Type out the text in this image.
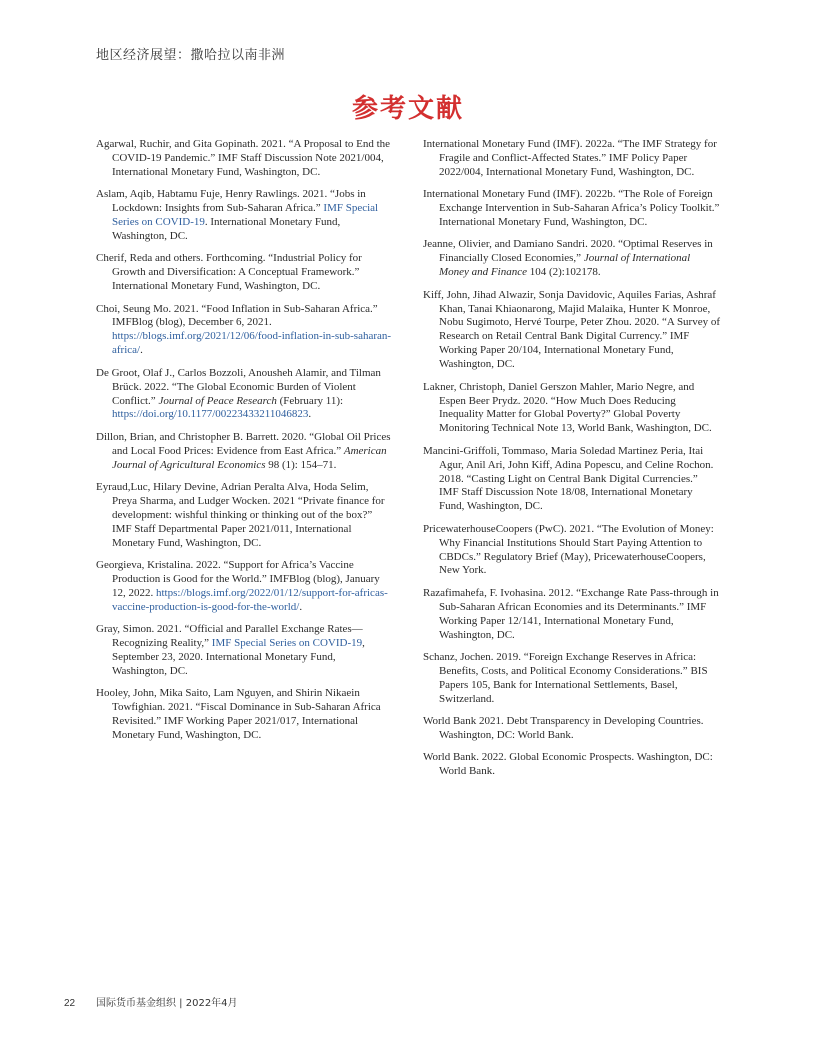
地区经济展望：撒哈拉以南非洲
参考文献

Agarwal, Ruchir, and Gita Gopinath. 2021. “A Proposal to End the COVID-19 Pandemic.” IMF Staff Discussion Note 2021/004, International Monetary Fund, Washington, DC.

Aslam, Aqib, Habtamu Fuje, Henry Rawlings. 2021. “Jobs in Lockdown: Insights from Sub-Saharan Africa.” IMF Special Series on COVID-19. International Monetary Fund, Washington, DC.

Cherif, Reda and others. Forthcoming. “Industrial Policy for Growth and Diversification: A Conceptual Framework.” International Monetary Fund, Washington, DC.

Choi, Seung Mo. 2021. “Food Inflation in Sub-Saharan Africa.” IMFBlog (blog), December 6, 2021. https://blogs.imf.org/2021/12/06/food-inflation-in-sub-saharan-africa/.

De Groot, Olaf J., Carlos Bozzoli, Anousheh Alamir, and Tilman Brück. 2022. “The Global Economic Burden of Violent Conflict.” Journal of Peace Research (February 11): https://doi.org/10.1177/00223433211046823.

Dillon, Brian, and Christopher B. Barrett. 2020. “Global Oil Prices and Local Food Prices: Evidence from East Africa.” American Journal of Agricultural Economics 98 (1): 154–71.

Eyraud,Luc, Hilary Devine, Adrian Peralta Alva, Hoda Selim, Preya Sharma, and Ludger Wocken. 2021 “Private finance for development: wishful thinking or thinking out of the box?” IMF Staff Departmental Paper 2021/011, International Monetary Fund, Washington, DC.

Georgieva, Kristalina. 2022. “Support for Africa’s Vaccine Production is Good for the World.” IMFBlog (blog), January 12, 2022. https://blogs.imf.org/2022/01/12/support-for-africas-vaccine-production-is-good-for-the-world/.

Gray, Simon. 2021. “Official and Parallel Exchange Rates—Recognizing Reality,” IMF Special Series on COVID-19, September 23, 2020. International Monetary Fund, Washington, DC.

Hooley, John, Mika Saito, Lam Nguyen, and Shirin Nikaein Towfighian. 2021. “Fiscal Dominance in Sub-Saharan Africa Revisited.” IMF Working Paper 2021/017, International Monetary Fund, Washington, DC.

International Monetary Fund (IMF). 2022a. “The IMF Strategy for Fragile and Conflict-Affected States.” IMF Policy Paper 2022/004, International Monetary Fund, Washington, DC.

International Monetary Fund (IMF). 2022b. “The Role of Foreign Exchange Intervention in Sub-Saharan Africa’s Policy Toolkit.” International Monetary Fund, Washington, DC.

Jeanne, Olivier, and Damiano Sandri. 2020. “Optimal Reserves in Financially Closed Economies,” Journal of International Money and Finance 104 (2):102178.

Kiff, John, Jihad Alwazir, Sonja Davidovic, Aquiles Farias, Ashraf Khan, Tanai Khiaonarong, Majid Malaika, Hunter K Monroe, Nobu Sugimoto, Hervé Tourpe, Peter Zhou. 2020. “A Survey of Research on Retail Central Bank Digital Currency.” IMF Working Paper 20/104, International Monetary Fund, Washington, DC.

Lakner, Christoph, Daniel Gerszon Mahler, Mario Negre, and Espen Beer Prydz. 2020. “How Much Does Reducing Inequality Matter for Global Poverty?” Global Poverty Monitoring Technical Note 13, World Bank, Washington, DC.

Mancini-Griffoli, Tommaso, Maria Soledad Martinez Peria, Itai Agur, Anil Ari, John Kiff, Adina Popescu, and Celine Rochon. 2018. “Casting Light on Central Bank Digital Currencies.” IMF Staff Discussion Note 18/08, International Monetary Fund, Washington, DC.

PricewaterhouseCoopers (PwC). 2021. “The Evolution of Money: Why Financial Institutions Should Start Paying Attention to CBDCs.” Regulatory Brief (May), PricewaterhouseCoopers, New York.

Razafimahefa, F. Ivohasina. 2012. “Exchange Rate Pass-through in Sub-Saharan African Economies and its Determinants.” IMF Working Paper 12/141, International Monetary Fund, Washington, DC.

Schanz, Jochen. 2019. “Foreign Exchange Reserves in Africa: Benefits, Costs, and Political Economy Considerations.” BIS Papers 105, Bank for International Settlements, Basel, Switzerland.

World Bank 2021. Debt Transparency in Developing Countries. Washington, DC: World Bank.

World Bank. 2022. Global Economic Prospects. Washington, DC: World Bank.

22 国际货币基金组织 | 2022年4月
